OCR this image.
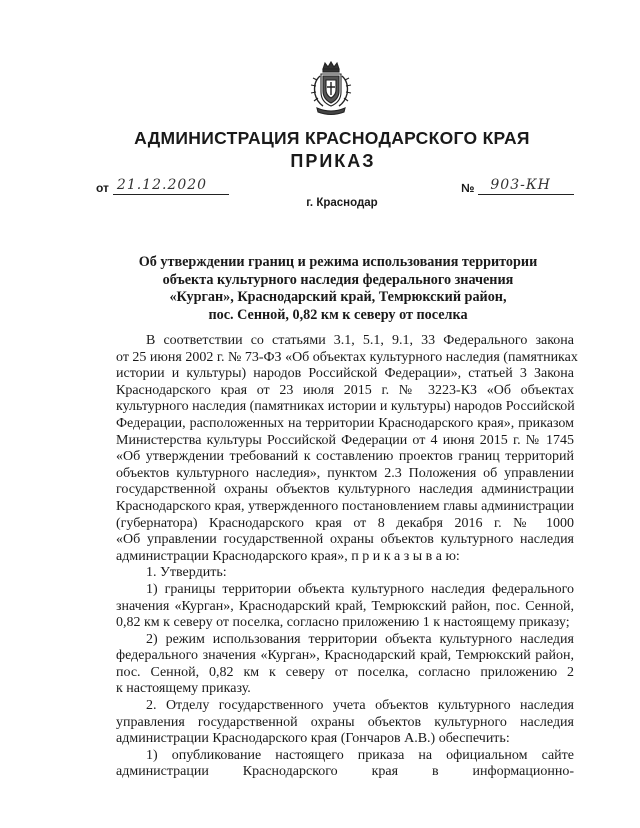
АДМИНИСТРАЦИЯ КРАСНОДАРСКОГО КРАЯ
ПРИКАЗ
от 21.12.2020	№ 903-КН
г. Краснодар
Об утверждении границ и режима использования территории
объекта культурного наследия федерального значения
«Курган», Краснодарский край, Темрюкский район,
пос. Сенной, 0,82 км к северу от поселка
В соответствии со статьями 3.1, 5.1, 9.1, 33 Федерального закона
от 25 июня 2002 г. № 73-ФЗ «Об объектах культурного наследия (памятниках
истории и культуры) народов Российской Федерации», статьей 3 Закона
Краснодарского края от 23 июля 2015 г. № 3223-КЗ «Об объектах
культурного наследия (памятниках истории и культуры) народов Российской
Федерации, расположенных на территории Краснодарского края», приказом
Министерства культуры Российской Федерации от 4 июня 2015 г. № 1745
«Об утверждении требований к составлению проектов границ территорий
объектов культурного наследия», пунктом 2.3 Положения об управлении
государственной охраны объектов культурного наследия администрации
Краснодарского края, утвержденного постановлением главы администрации
(губернатора) Краснодарского края от 8 декабря 2016 г. № 1000
«Об управлении государственной охраны объектов культурного наследия
администрации Краснодарского края», п р и к а з ы в а ю:
1. Утвердить:
1) границы территории объекта культурного наследия федерального
значения «Курган», Краснодарский край, Темрюкский район, пос. Сенной,
0,82 км к северу от поселка, согласно приложению 1 к настоящему приказу;
2) режим использования территории объекта культурного наследия
федерального значения «Курган», Краснодарский край, Темрюкский район,
пос. Сенной, 0,82 км к северу от поселка, согласно приложению 2
к настоящему приказу.
2. Отделу государственного учета объектов культурного наследия
управления государственной охраны объектов культурного наследия
администрации Краснодарского края (Гончаров А.В.) обеспечить:
1) опубликование настоящего приказа на официальном сайте
администрации Краснодарского края в информационно-
